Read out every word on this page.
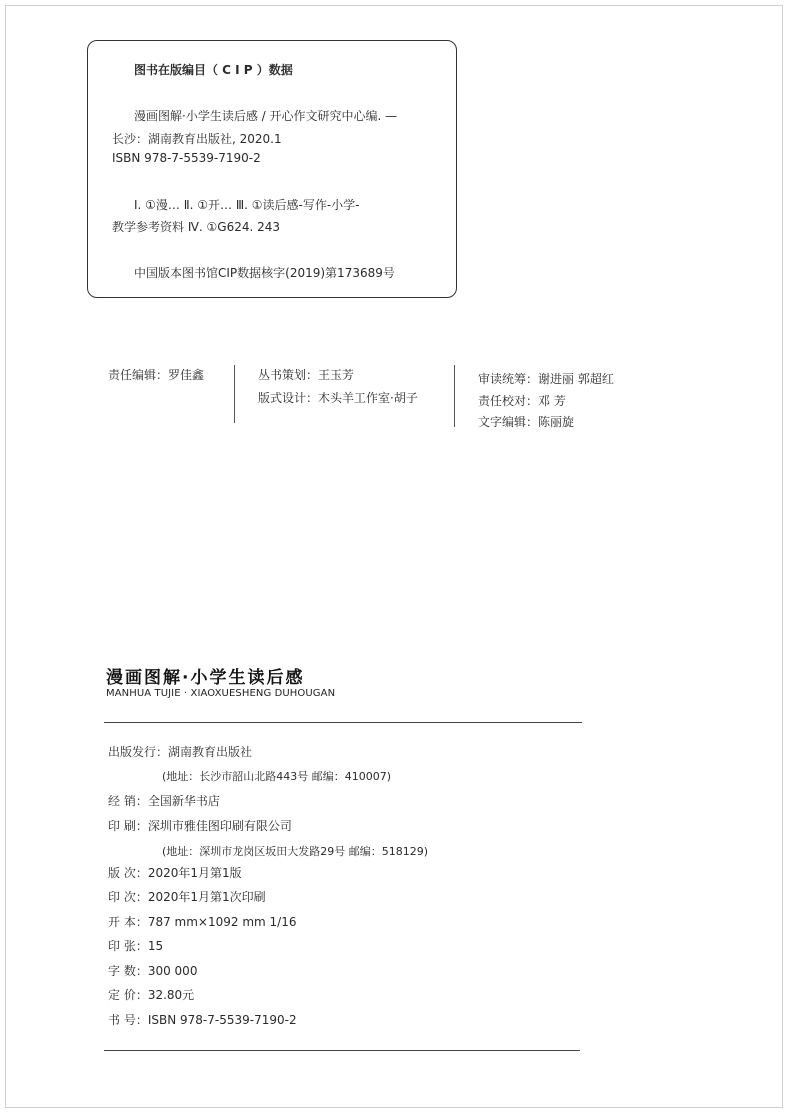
图书在版编目（ C I P ）数据
漫画图解·小学生读后感 / 开心作文研究中心编. —
长沙：湖南教育出版社, 2020.1
ISBN 978-7-5539-7190-2
Ⅰ. ①漫… Ⅱ. ①开… Ⅲ. ①读后感-写作-小学-
教学参考资料 Ⅳ. ①G624. 243
中国版本图书馆CIP数据核字(2019)第173689号
责任编辑：罗佳鑫	丛书策划：王玉芳
版式设计：木头羊工作室·胡子
审读统筹：谢进丽 郭超红
责任校对：邓 芳
文字编辑：陈丽旋
漫画图解·小学生读后感
MANHUA TUJIE · XIAOXUESHENG DUHOUGAN
出版发行：湖南教育出版社
(地址：长沙市韶山北路443号 邮编：410007)
经 销：全国新华书店
印 刷：深圳市雅佳图印刷有限公司
(地址：深圳市龙岗区坂田大发路29号 邮编：518129)
版 次：2020年1月第1版
印 次：2020年1月第1次印刷
开 本：787 mm×1092 mm 1/16
印 张：15
字 数：300 000
定 价：32.80元
书 号：ISBN 978-7-5539-7190-2
